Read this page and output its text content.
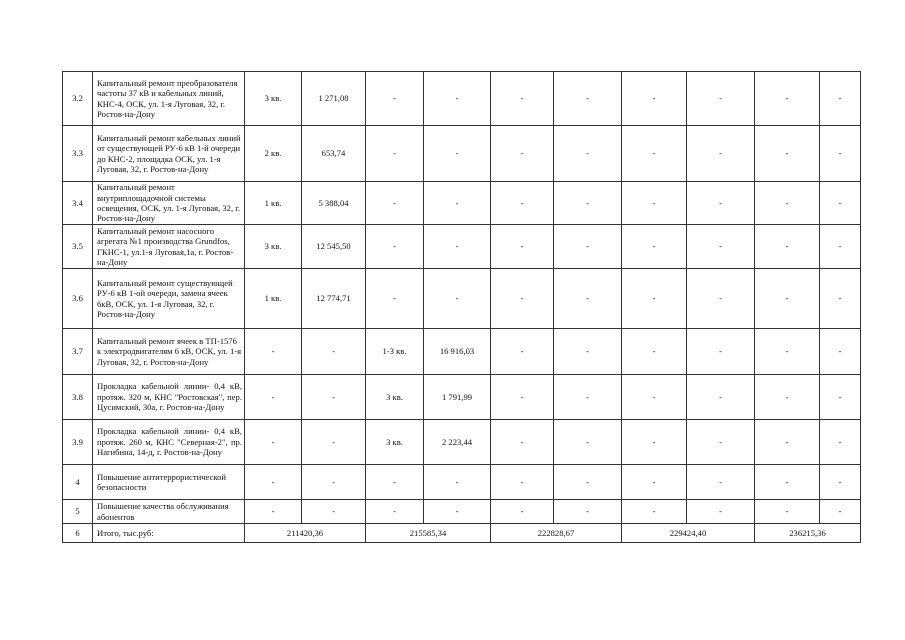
3.2	Капитальный ремонт преобразователя частоты 37 кВ и кабельных линий, КНС-4, ОСК, ул. 1-я Луговая, 32, г. Ростов-на-Дону	3 кв.	1 271,08	-	-	-	-	-	-	-	-
3.3	Капитальный ремонт кабельных линий от существующей РУ-6 кВ 1-й очереди до КНС-2, площадка ОСК, ул. 1-я Луговая, 32, г. Ростов-на-Дону	2 кв.	653,74	-	-	-	-	-	-	-	-
3.4	Капитальный ремонт внутриплощадочной системы освещения, ОСК, ул. 1-я Луговая, 32, г. Ростов-на-Дону	1 кв.	5 388,04	-	-	-	-	-	-	-	-
3.5	Капитальный ремонт насосного агрегата №1 производства Grundfos, ГКНС-1, ул.1-я Луговая,1а, г. Ростов-на-Дону	3 кв.	12 545,50	-	-	-	-	-	-	-	-
3.6	Капитальный ремонт существующей РУ-6 кВ 1-ой очереди, замена ячеек 6кВ, ОСК, ул. 1-я Луговая, 32, г. Ростов-на-Дону	1 кв.	12 774,71	-	-	-	-	-	-	-	-
3.7	Капитальный ремонт ячеек в ТП-1576 к электродвигателям 6 кВ, ОСК, ул. 1-я Луговая, 32, г. Ростов-на-Дону	-	-	1-3 кв.	16 916,03	-	-	-	-	-	-
3.8	Прокладка кабельной линии- 0,4 кВ, протяж. 320 м, КНС "Ростовская", пер. Цусимский, 30а, г. Ростов-на-Дону	-	-	3 кв.	1 791,99	-	-	-	-	-	-
3.9	Прокладка кабельной линии- 0,4 кВ, протяж. 260 м, КНС "Северная-2", пр. Нагибина, 14-д, г. Ростов-на-Дону	-	-	3 кв.	2 223,44	-	-	-	-	-	-
4	Повышение антитеррористической безопасности	-	-	-	-	-	-	-	-	-	-
5	Повышение качества обслуживания абонентов	-	-	-	-	-	-	-	-	-	-
6	Итого, тыс.руб:	211420,36		215585,34		222828,67		229424,40		236215,36	
